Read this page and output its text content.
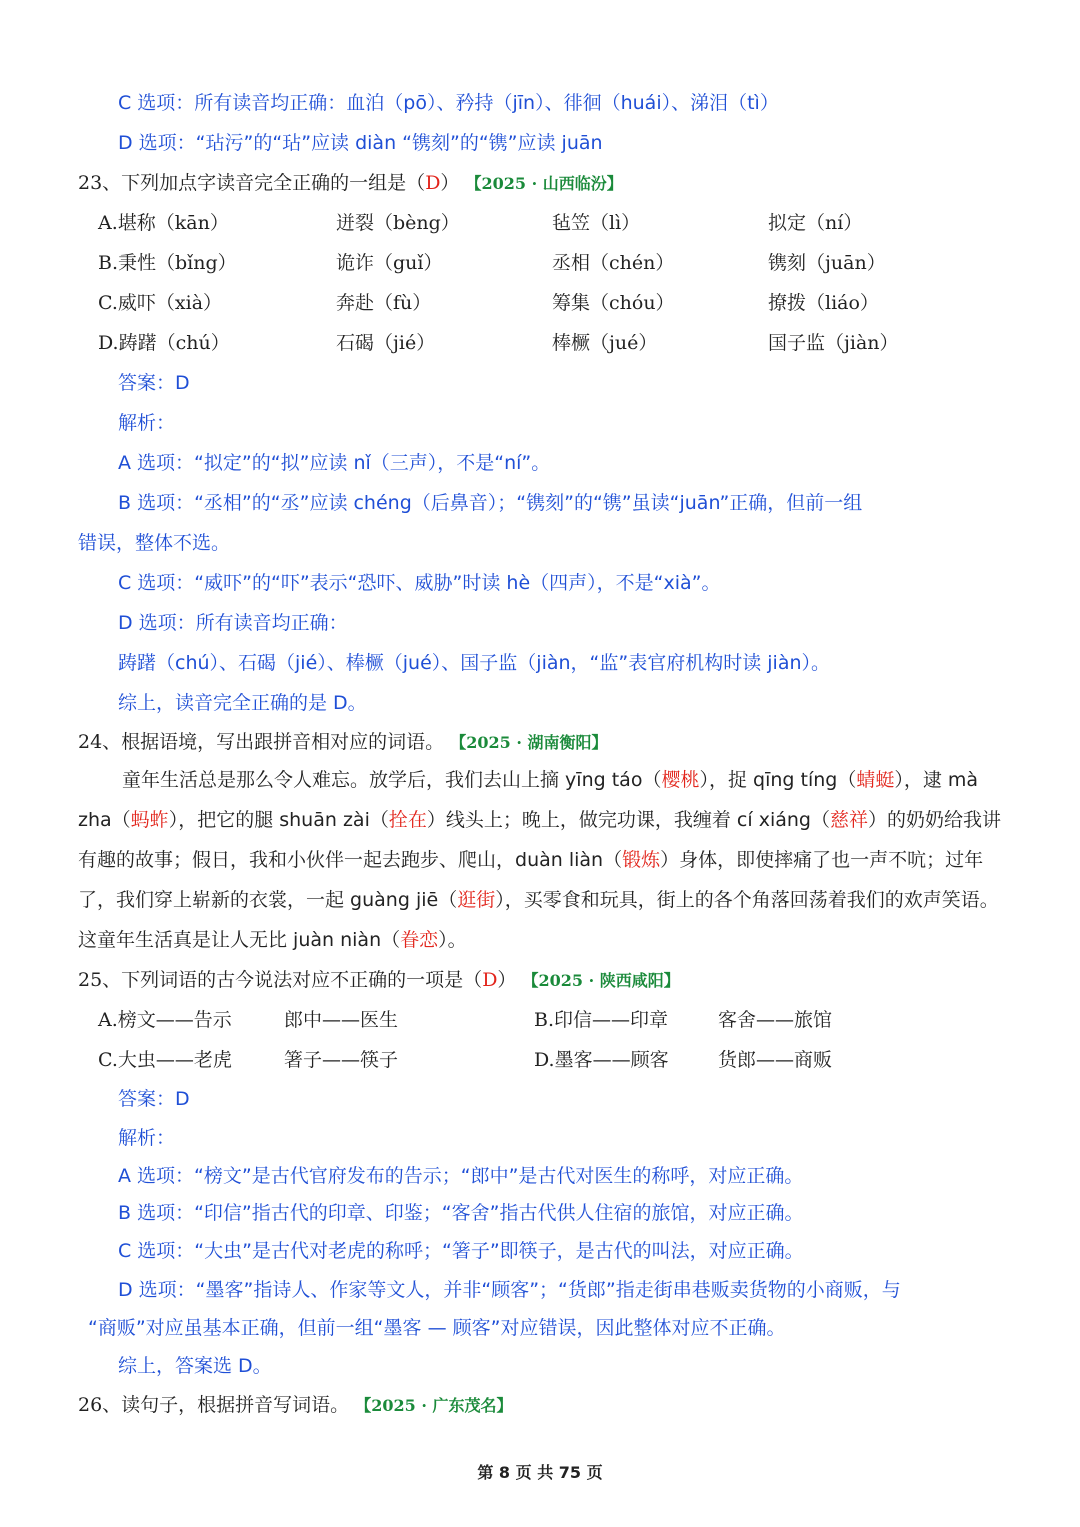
C 选项：所有读音均正确：血泊（pō）、矜持（jīn）、徘徊（huái）、涕泪（tì）
D 选项：“玷污”的“玷”应读 diàn “镌刻”的“镌”应读 juān
23、下列加点字读音完全正确的一组是（D） 【2025 · 山西临汾】
A.堪称（kān）	迸裂（bèng）	毡笠（lì）	拟定（ní）
B.秉性（bǐng）	诡诈（guǐ）	丞相（chén）	镌刻（juān）
C.威吓（xià）	奔赴（fù）	筹集（chóu）	撩拨（liáo）
D.踌躇（chú）	石碣（jié）	棒橛（jué）	国子监（jiàn）
答案：D
解析：
A 选项：“拟定”的“拟”应读 nǐ（三声），不是“ní”。
B 选项：“丞相”的“丞”应读 chéng（后鼻音）；“镌刻”的“镌”虽读“juān”正确，但前一组
错误，整体不选。
C 选项：“威吓”的“吓”表示“恐吓、威胁”时读 hè（四声），不是“xià”。
D 选项：所有读音均正确：
踌躇（chú）、石碣（jié）、棒橛（jué）、国子监（jiàn，“监”表官府机构时读 jiàn）。
综上，读音完全正确的是 D。
24、根据语境，写出跟拼音相对应的词语。 【2025 · 湖南衡阳】
童年生活总是那么令人难忘。放学后，我们去山上摘 yīng táo（樱桃），捉 qīng tíng（蜻蜓），逮 mà zha（蚂蚱），把它的腿 shuān zài（拴在）线头上；晚上，做完功课，我缠着 cí xiáng（慈祥）的奶奶给我讲有趣的故事；假日，我和小伙伴一起去跑步、爬山，duàn liàn（锻炼）身体，即使摔痛了也一声不吭；过年了，我们穿上崭新的衣裳，一起 guàng jiē（逛街），买零食和玩具，街上的各个角落回荡着我们的欢声笑语。这童年生活真是让人无比 juàn niàn（眷恋）。
25、下列词语的古今说法对应不正确的一项是（D） 【2025 · 陕西咸阳】
A.榜文——告示	郎中——医生	B.印信——印章	客舍——旅馆
C.大虫——老虎	箸子——筷子	D.墨客——顾客	货郎——商贩
答案：D
解析：
A 选项：“榜文”是古代官府发布的告示；“郎中”是古代对医生的称呼，对应正确。
B 选项：“印信”指古代的印章、印鉴；“客舍”指古代供人住宿的旅馆，对应正确。
C 选项：“大虫”是古代对老虎的称呼；“箸子”即筷子，是古代的叫法，对应正确。
D 选项：“墨客”指诗人、作家等文人，并非“顾客”；“货郎”指走街串巷贩卖货物的小商贩，与
“商贩”对应虽基本正确，但前一组“墨客 — 顾客”对应错误，因此整体对应不正确。
综上，答案选 D。
26、读句子，根据拼音写词语。 【2025 · 广东茂名】
第 8 页 共 75 页
